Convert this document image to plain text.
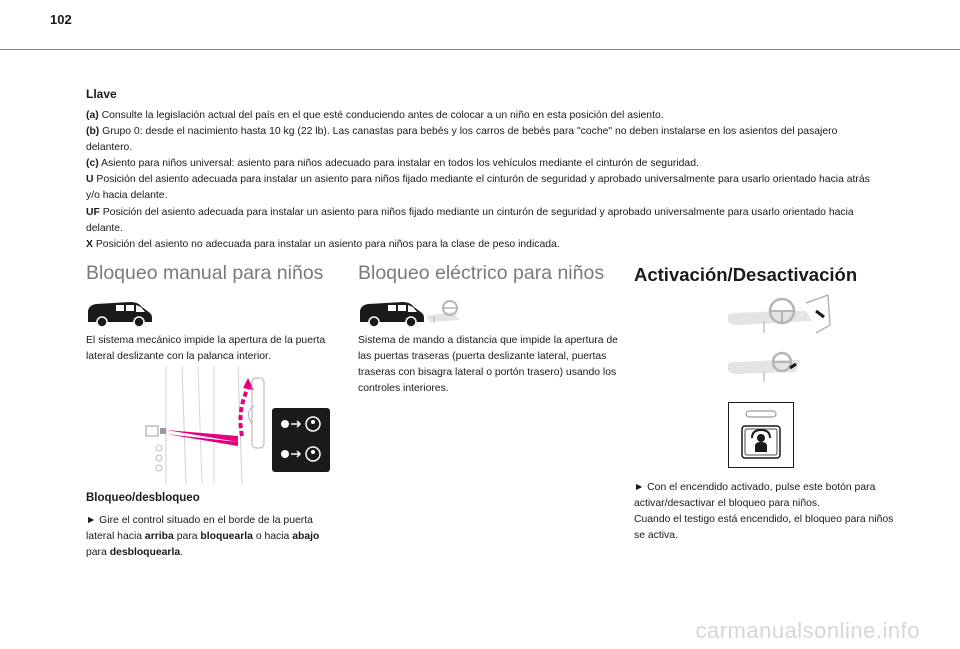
102
Llave

(a) Consulte la legislación actual del país en el que esté conduciendo antes de colocar a un niño en esta posición del asiento.

(b) Grupo 0: desde el nacimiento hasta 10 kg (22 lb). Las canastas para bebés y los carros de bebés para "coche" no deben instalarse en los asientos del pasajero delantero.

(c) Asiento para niños universal: asiento para niños adecuado para instalar en todos los vehículos mediante el cinturón de seguridad.

U Posición del asiento adecuada para instalar un asiento para niños fijado mediante el cinturón de seguridad y aprobado universalmente para usarlo orientado hacia atrás y/o hacia delante.

UF Posición del asiento adecuada para instalar un asiento para niños fijado mediante un cinturón de seguridad y aprobado universalmente para usarlo orientado hacia delante.

X Posición del asiento no adecuada para instalar un asiento para niños para la clase de peso indicada.

Bloqueo manual para niños

El sistema mecánico impide la apertura de la puerta lateral deslizante con la palanca interior.

Bloqueo/desbloqueo

► Gire el control situado en el borde de la puerta lateral hacia arriba para bloquearla o hacia abajo para desbloquearla.

Bloqueo eléctrico para niños

Sistema de mando a distancia que impide la apertura de las puertas traseras (puerta deslizante lateral, puertas traseras con bisagra lateral o portón trasero) usando los controles interiores.

Activación/Desactivación

► Con el encendido activado, pulse este botón para activar/desactivar el bloqueo para niños.

Cuando el testigo está encendido, el bloqueo para niños se activa.

carmanualsonline.info
